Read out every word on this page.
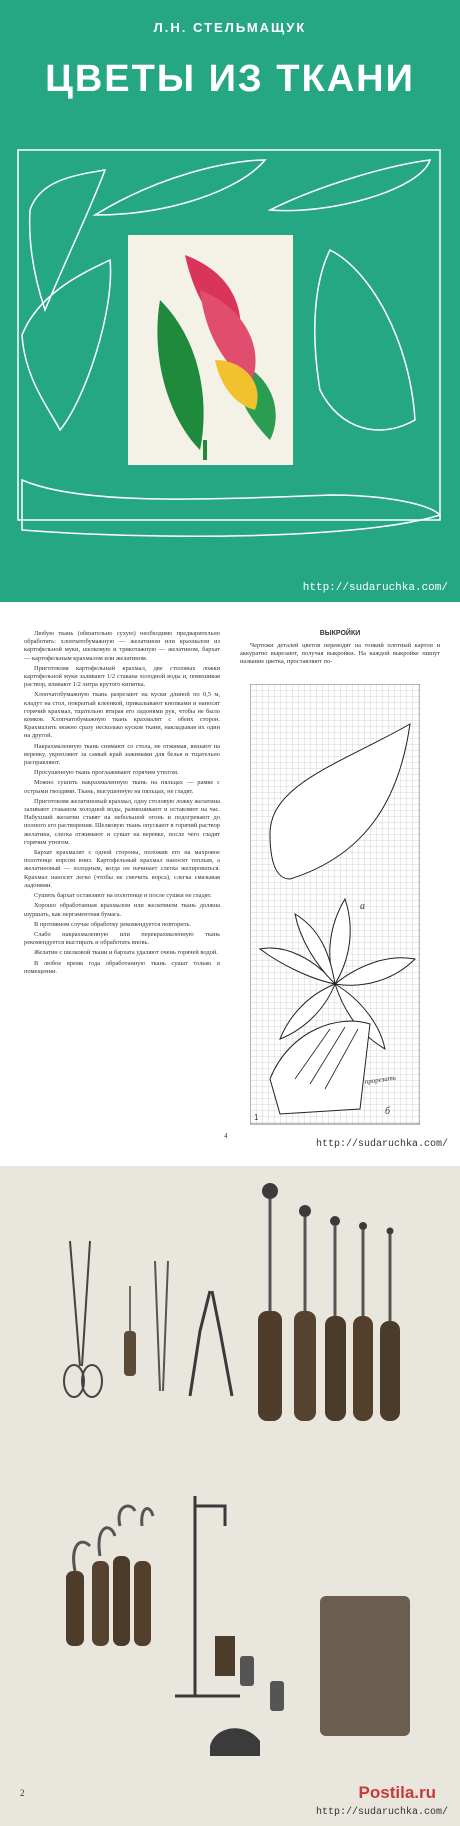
Л.Н. СТЕЛЬМАЩУК
ЦВЕТЫ ИЗ ТКАНИ
http://sudaruchka.com/

Любую ткань (обязательно сухую) необходимо предварительно обработать: хлопчатобумажную — желатином или крахмалом из картофельной муки, шелковую и трикотажную — желатином, бархат — картофельным крахмалом или желатином.

Приготовляя картофельный крахмал, две столовых ложки картофельной муки заливают 1/2 стакана холодной воды и, помешивая раствор, вливают 1/2 литра крутого кипятка.

Хлопчатобумажную ткань разрезают на куски длиной по 0,5 м, кладут на стол, покрытый клеенкой, прикалывают кнопками и наносят горячий крахмал, тщательно втирая его ладонями рук, чтобы не было комков. Хлопчатобумажную ткань крахмалят с обеих сторон. Крахмалить можно сразу несколько кусков ткани, накладывая их один на другой.

Накрахмаленную ткань снимают со стола, не отжимая, вешают на веревку, укрепляют за самый край зажимами для белья и тщательно расправляют.

Просушенную ткань проглаживают горячим утюгом.

Можно сушить накрахмаленную ткань на пяльцах — рамке с острыми гвоздями. Ткань, высушенную на пяльцах, не гладят.

Приготовляя желатиновый крахмал, одну столовую ложку желатина заливают стаканом холодной воды, размешивают и оставляют на час. Набухший желатин ставят на небольшой огонь и подогревают до полного его растворения. Шелковую ткань опускают в горячий раствор желатина, слегка отжимают и сушат на веревке, после чего гладят горячим утюгом.

Бархат крахмалят с одной стороны, положив его на махровое полотенце ворсом вниз. Картофельный крахмал наносят теплым, а желатиновый — холодным, когда он начинает слегка желироваться. Крахмал наносят легко (чтобы не смочить ворса), слегка смазывая ладонями.

Сушить бархат оставляют на полотенце и после сушки не гладят.

Хорошо обработанная крахмалом или желатином ткань должна шуршать, как пергаментная бумага.

В противном случае обработку рекомендуется повторить.

Слабо накрахмаленную или перекрахмаленную ткань рекомендуется выстирать и обработать вновь.

Желатин с шелковой ткани и бархата удаляют очень горячей водой.

В любое время года обработанную ткань сушат только в помещении.

ВЫКРОЙКИ
Чертежи деталей цветов переводят на тонкий плотный картон и аккуратно вырезают, получая выкройки. На каждой выкройке пишут название цветка, проставляют по-
а
б
прорезать
1
4
http://sudaruchka.com/
2	Postila.ru
http://sudaruchka.com/
